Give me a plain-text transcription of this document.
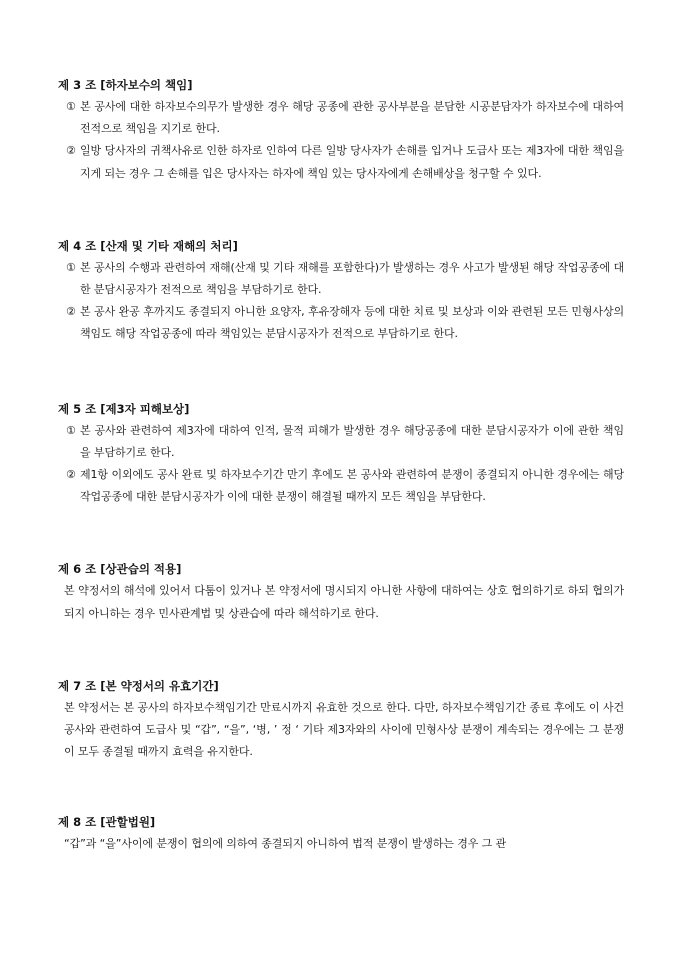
제 3 조 [하자보수의 책임]
① 본 공사에 대한 하자보수의무가 발생한 경우 해당 공종에 관한 공사부분을 분담한 시공분담자가 하자보수에 대하여 전적으로 책임을 지기로 한다.
② 일방 당사자의 귀책사유로 인한 하자로 인하여 다른 일방 당사자가 손해를 입거나 도급사 또는 제3자에 대한 책임을 지게 되는 경우 그 손해를 입은 당사자는 하자에 책임 있는 당사자에게 손해배상을 청구할 수 있다.
제 4 조 [산재 및 기타 재해의 처리]
① 본 공사의 수행과 관련하여 재해(산재 및 기타 재해를 포함한다)가 발생하는 경우 사고가 발생된 해당 작업공종에 대한 분담시공자가 전적으로 책임을 부담하기로 한다.
② 본 공사 완공 후까지도 종결되지 아니한 요양자, 후유장해자 등에 대한 치료 및 보상과 이와 관련된 모든 민형사상의 책임도 해당 작업공종에 따라 책임있는 분담시공자가 전적으로 부담하기로 한다.
제 5 조 [제3자 피해보상]
① 본 공사와 관련하여 제3자에 대하여 인적, 물적 피해가 발생한 경우 해당공종에 대한 분담시공자가 이에 관한 책임을 부담하기로 한다.
② 제1항 이외에도 공사 완료 및 하자보수기간 만기 후에도 본 공사와 관련하여 분쟁이 종결되지 아니한 경우에는 해당 작업공종에 대한 분담시공자가 이에 대한 분쟁이 해결될 때까지 모든 책임을 부담한다.
제 6 조 [상관습의 적용]
본 약정서의 해석에 있어서 다툼이 있거나 본 약정서에 명시되지 아니한 사항에 대하여는 상호 협의하기로 하되 협의가 되지 아니하는 경우 민사관계법 및 상관습에 따라 해석하기로 한다.
제 7 조 [본 약정서의 유효기간]
본 약정서는 본 공사의 하자보수책임기간 만료시까지 유효한 것으로 한다. 다만, 하자보수책임기간 종료 후에도 이 사건 공사와 관련하여 도급사 및 “갑”, “을”, ‘병, ’ 정 ‘ 기타 제3자와의 사이에 민형사상 분쟁이 계속되는 경우에는 그 분쟁이 모두 종결될 때까지 효력을 유지한다.
제 8 조 [관할법원]
“갑”과 “을”사이에 분쟁이 협의에 의하여 종결되지 아니하여 법적 분쟁이 발생하는 경우 그 관
